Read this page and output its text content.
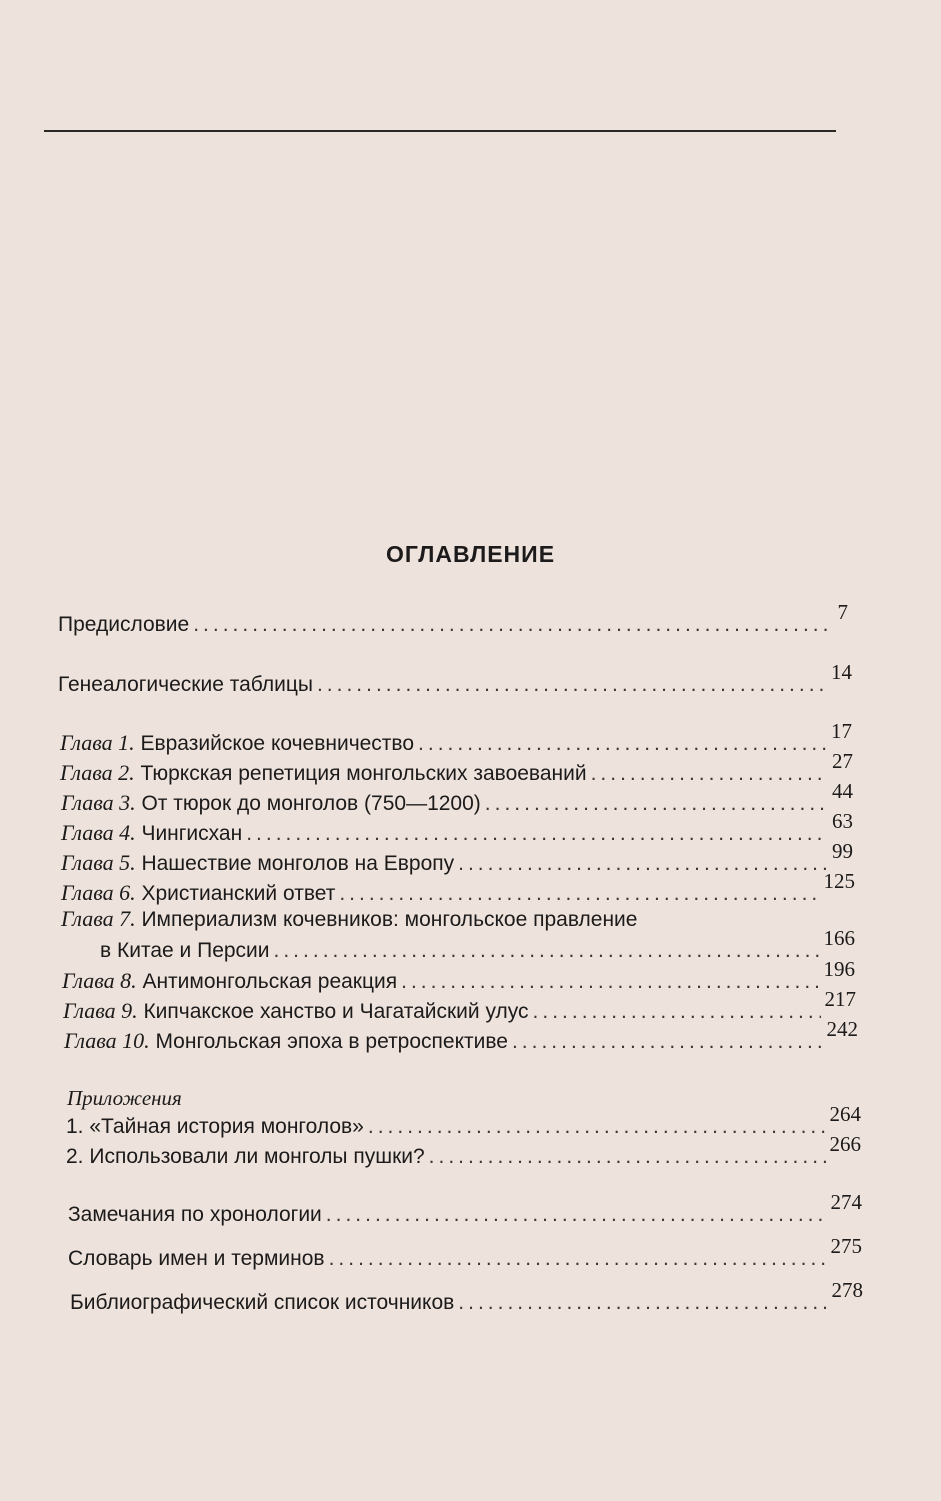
ОГЛАВЛЕНИЕ
Предисловие
.....
7
Генеалогические таблицы
.....
14
Глава 1. Евразийское кочевничество
.....
17
Глава 2. Тюркская репетиция монгольских завоеваний
.....
27
Глава 3. От тюрок до монголов (750—1200)
.....
44
Глава 4. Чингисхан
.....
63
Глава 5. Нашествие монголов на Европу
.....
99
Глава 6. Христианский ответ
.....
125
Глава 7. Империализм кочевников: монгольское правление
в Китае и Персии
.....
166
Глава 8. Антимонгольская реакция
.....
196
Глава 9. Кипчакское ханство и Чагатайский улус
.....
217
Глава 10. Монгольская эпоха в ретроспективе
.....
242
Приложения
1. «Тайная история монголов»
.....
264
2. Использовали ли монголы пушки?
.....
266
Замечания по хронологии
.....
274
Словарь имен и терминов
.....
275
Библиографический список источников
.....
278
